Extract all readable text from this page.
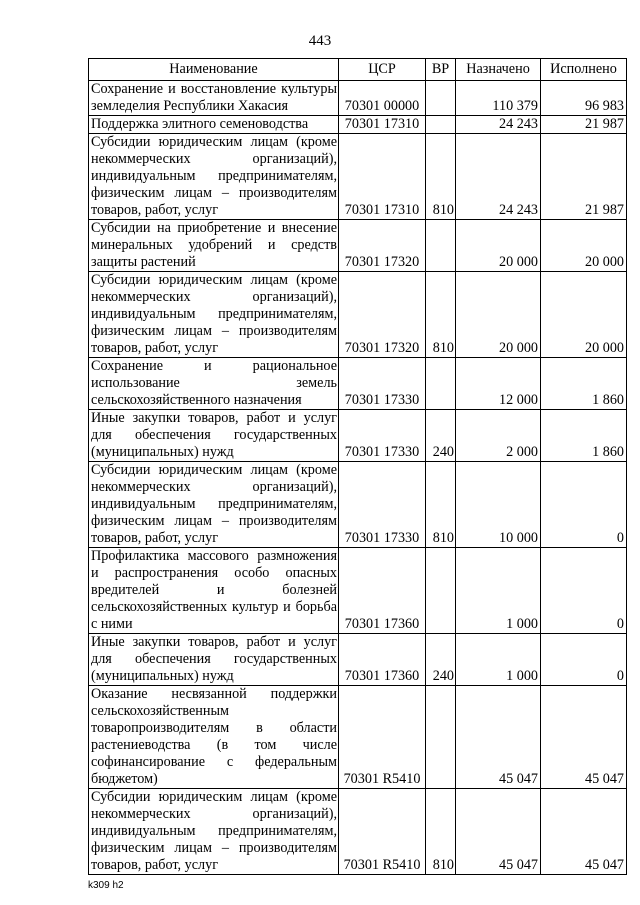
443
Наименование	ЦСР	ВР	Назначено	Исполнено
Сохранение и восстановление культуры земледелия Республики Хакасия	70301 00000		110 379	96 983
Поддержка элитного семеноводства	70301 17310		24 243	21 987
Субсидии юридическим лицам (кроме некоммерческих организаций), индивидуальным предпринимателям, физическим лицам – производителям товаров, работ, услуг	70301 17310	810	24 243	21 987
Субсидии на приобретение и внесение минеральных удобрений и средств защиты растений	70301 17320		20 000	20 000
Субсидии юридическим лицам (кроме некоммерческих организаций), индивидуальным предпринимателям, физическим лицам – производителям товаров, работ, услуг	70301 17320	810	20 000	20 000
Сохранение и рациональное использование земель сельскохозяйственного назначения	70301 17330		12 000	1 860
Иные закупки товаров, работ и услуг для обеспечения государственных (муниципальных) нужд	70301 17330	240	2 000	1 860
Субсидии юридическим лицам (кроме некоммерческих организаций), индивидуальным предпринимателям, физическим лицам – производителям товаров, работ, услуг	70301 17330	810	10 000	0
Профилактика массового размножения и распространения особо опасных вредителей и болезней сельскохозяйственных культур и борьба с ними	70301 17360		1 000	0
Иные закупки товаров, работ и услуг для обеспечения государственных (муниципальных) нужд	70301 17360	240	1 000	0
Оказание несвязанной поддержки сельскохозяйственным товаропроизводителям в области растениеводства (в том числе софинансирование с федеральным бюджетом)	70301 R5410		45 047	45 047
Субсидии юридическим лицам (кроме некоммерческих организаций), индивидуальным предпринимателям, физическим лицам – производителям товаров, работ, услуг	70301 R5410	810	45 047	45 047
k309 h2
